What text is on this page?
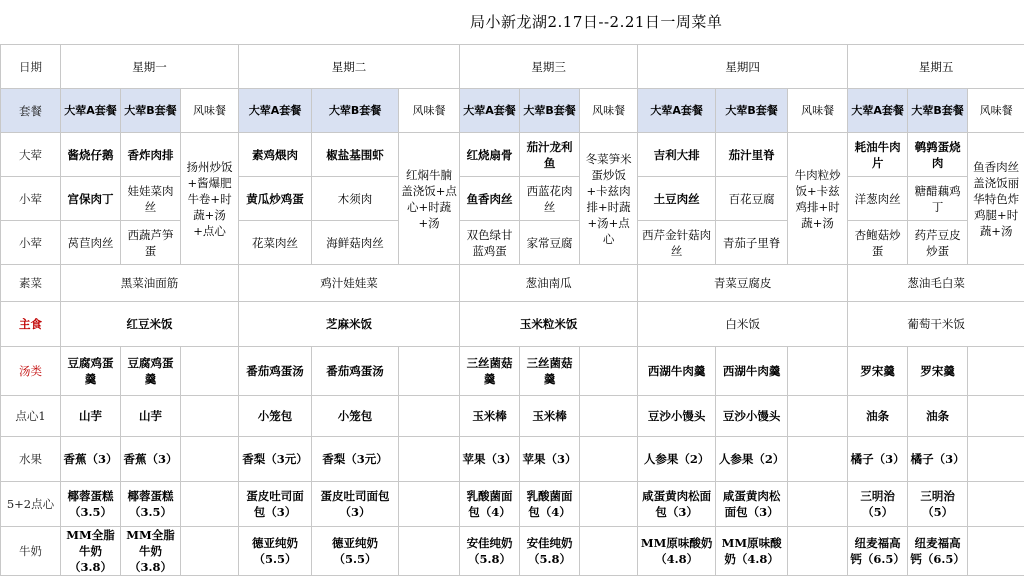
局小新龙湖2.17日--2.21日一周菜单
日期	星期一			星期二			星期三			星期四			星期五		
套餐	大荤A套餐	大荤B套餐	风味餐	大荤A套餐	大荤B套餐	风味餐	大荤A套餐	大荤B套餐	风味餐	大荤A套餐	大荤B套餐	风味餐	大荤A套餐	大荤B套餐	风味餐
大荤	酱烧仔鹅	香炸肉排	扬州炒饭+酱爆肥牛卷+时蔬+汤+点心	素鸡煨肉	椒盐基围虾	红焖牛腩盖浇饭+点心+时蔬+汤	红烧扇骨	茄汁龙利鱼	冬菜笋米蛋炒饭+卡兹肉排+时蔬+汤+点心	吉利大排	茄汁里脊	牛肉粒炒饭+卡兹鸡排+时蔬+汤	耗油牛肉片	鹌鹑蛋烧肉	鱼香肉丝盖浇饭丽华特色炸鸡腿+时蔬+汤
小荤	宫保肉丁	娃娃菜肉丝		黄瓜炒鸡蛋	木须肉		鱼香肉丝	西蓝花肉丝		土豆肉丝	百花豆腐		洋葱肉丝	糖醋藕鸡丁	
小荤	莴苣肉丝	西蔬芦笋蛋		花菜肉丝	海鲜菇肉丝		双色绿甘蓝鸡蛋	家常豆腐		西芹金针菇肉丝	青茄子里脊		杏鲍菇炒蛋	药芹豆皮炒蛋	
素菜	黑菜油面筋			鸡汁娃娃菜			葱油南瓜			青菜豆腐皮			葱油毛白菜		
主食	红豆米饭			芝麻米饭			玉米粒米饭			白米饭			葡萄干米饭		
汤类	豆腐鸡蛋羹	豆腐鸡蛋羹		番茄鸡蛋汤	番茄鸡蛋汤		三丝菌菇羹	三丝菌菇羹		西湖牛肉羹	西湖牛肉羹		罗宋羹	罗宋羹	
点心1	山芋	山芋		小笼包	小笼包		玉米棒	玉米棒		豆沙小馒头	豆沙小馒头		油条	油条	
水果	香蕉（3）	香蕉（3）		香梨（3元）	香梨（3元）		苹果（3）	苹果（3）		人参果（2）	人参果（2）		橘子（3）	橘子（3）	
5+2点心	椰蓉蛋糕（3.5）	椰蓉蛋糕（3.5）		蛋皮吐司面包（3）	蛋皮吐司面包（3）		乳酸菌面包（4）	乳酸菌面包（4）		咸蛋黄肉松面包（3）	咸蛋黄肉松面包（3）		三明治（5）	三明治（5）	
牛奶	MM全脂牛奶（3.8）	MM全脂牛奶（3.8）		德亚纯奶（5.5）	德亚纯奶（5.5）		安佳纯奶（5.8）	安佳纯奶（5.8）		MM原味酸奶（4.8）	MM原味酸奶（4.8）		纽麦福高钙（6.5）	纽麦福高钙（6.5）	
